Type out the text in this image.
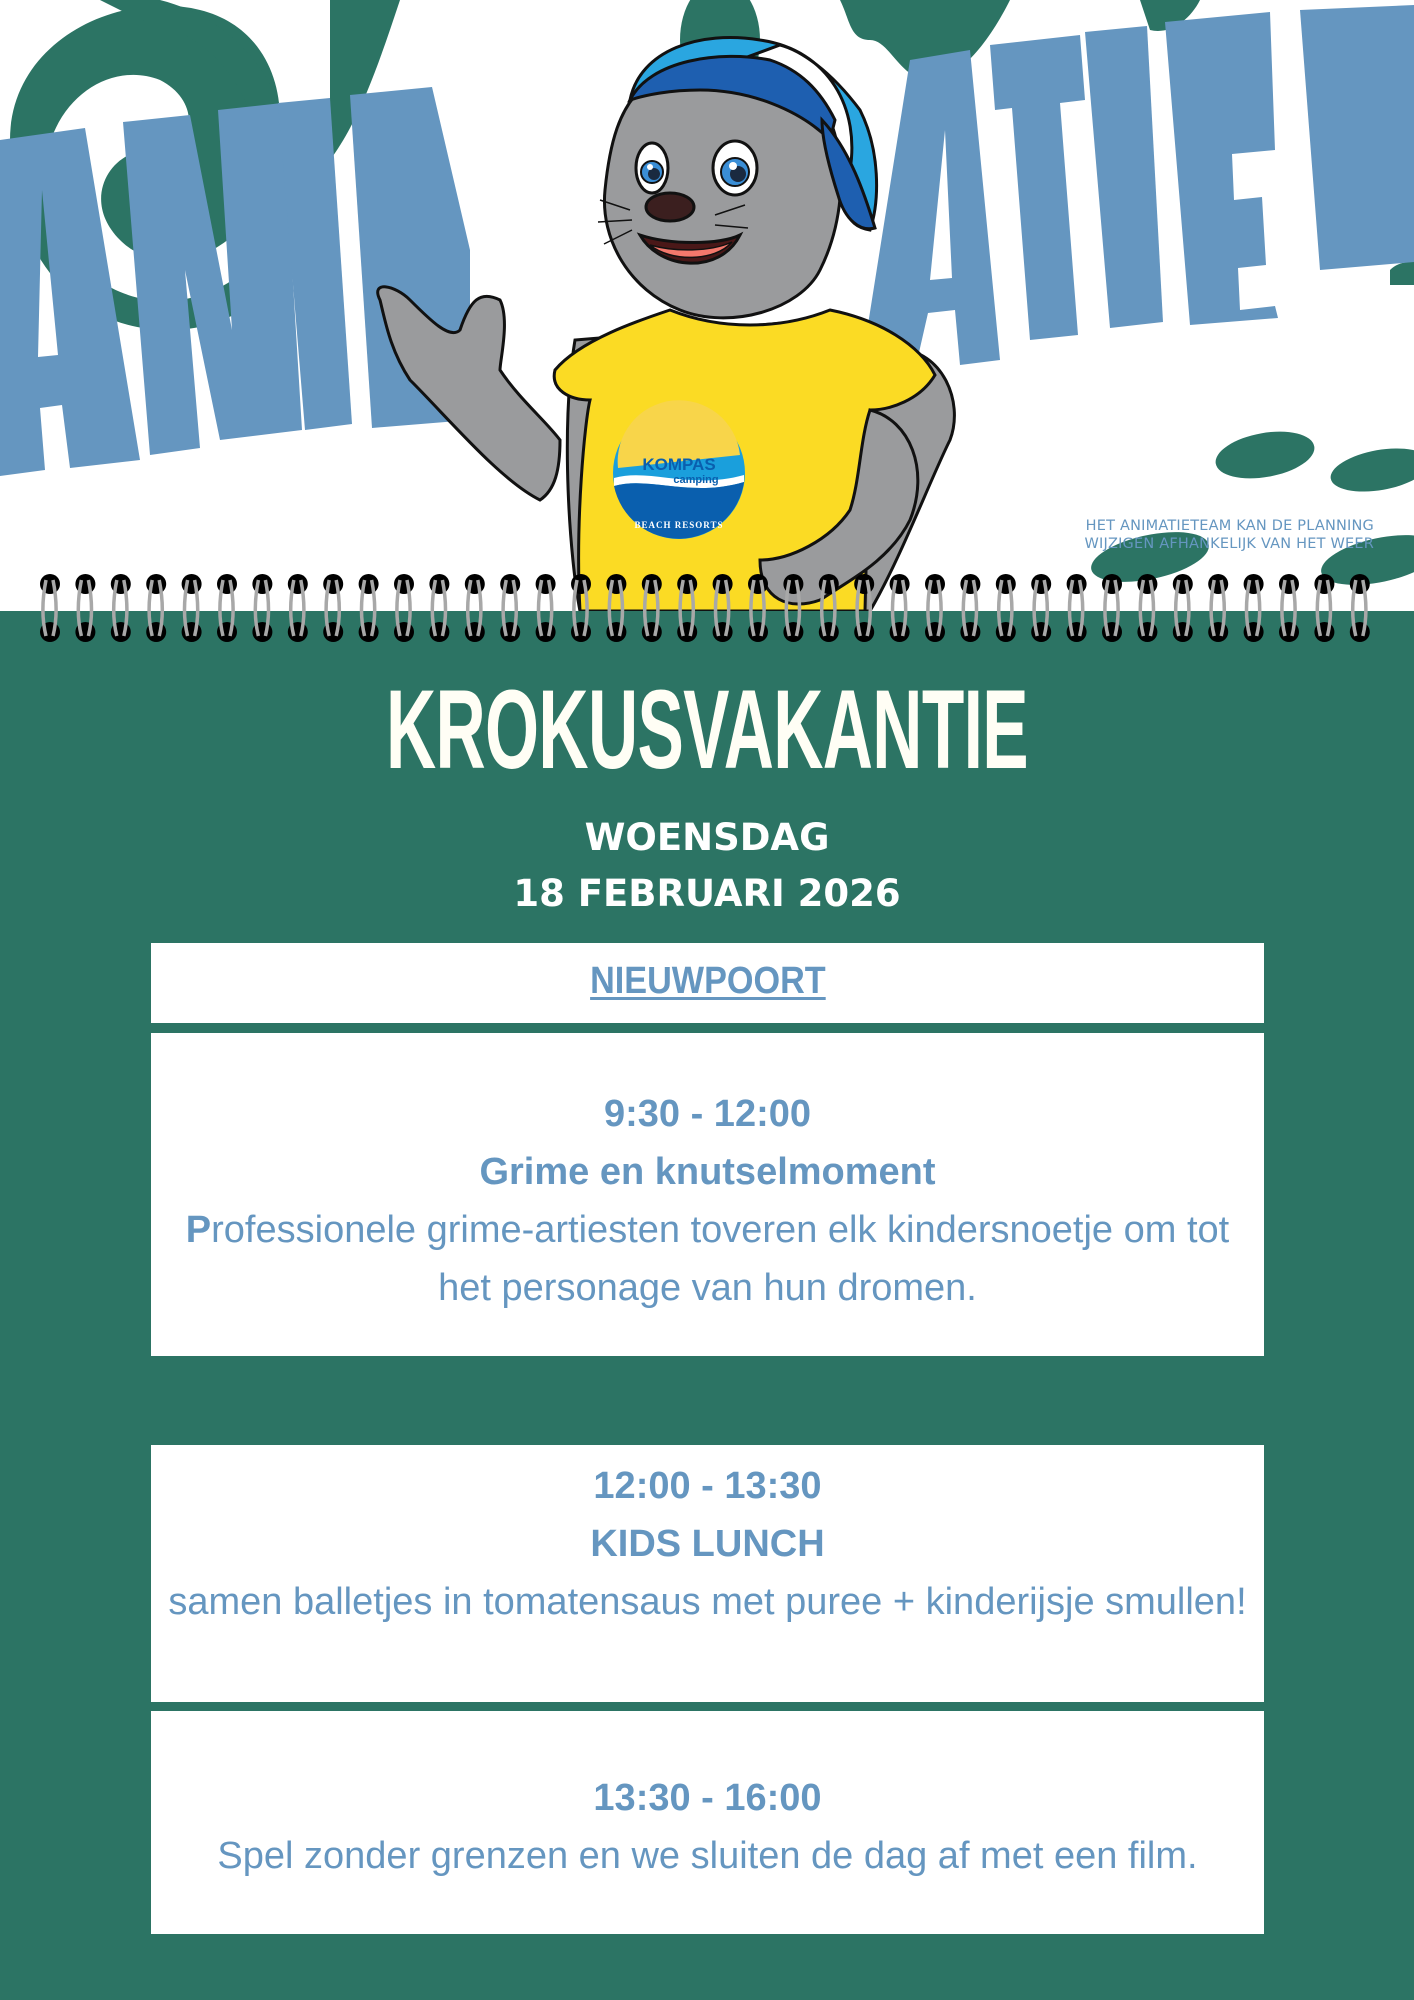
KOMPAS
camping
BEACH RESORTS	HET ANIMATIETEAM KAN DE PLANNING
WIJZIGEN AFHANKELIJK VAN HET WEER
KROKUSVAKANTIE
WOENSDAG
18 FEBRUARI 2026
NIEUWPOORT
9:30 - 12:00
Grime en knutselmoment
Professionele grime-artiesten toveren elk kindersnoetje om tot het personage van hun dromen.
12:00 - 13:30
KIDS LUNCH
samen balletjes in tomatensaus met puree + kinderijsje smullen!
13:30 - 16:00
Spel zonder grenzen en we sluiten de dag af met een film.
